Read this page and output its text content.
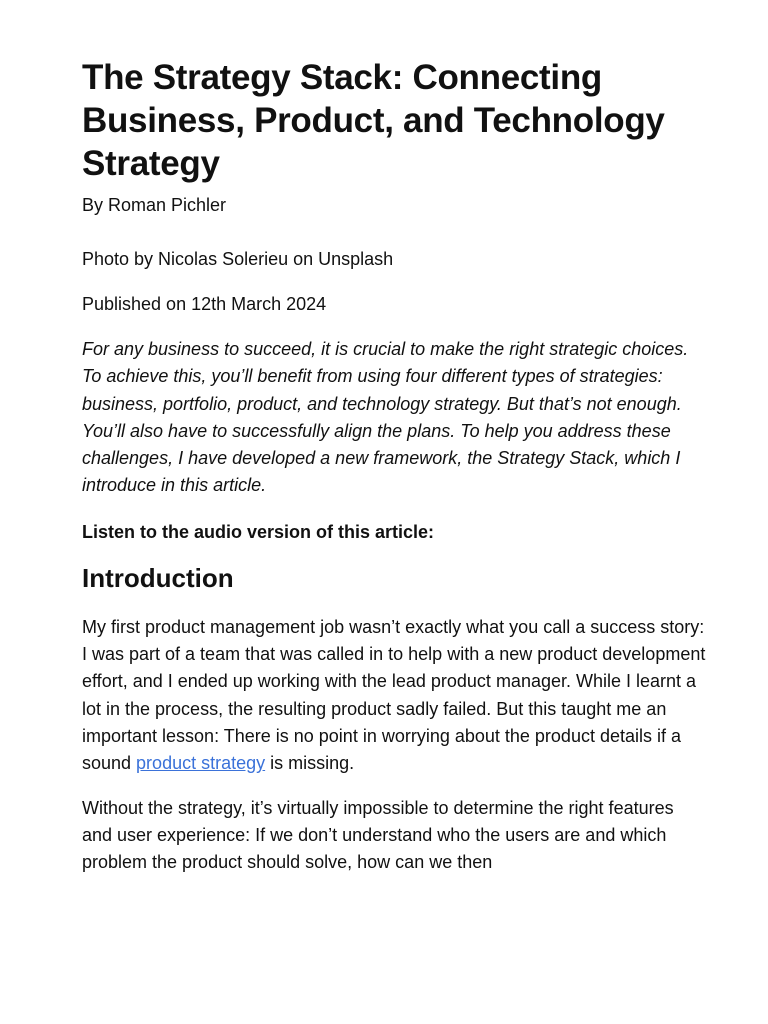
The Strategy Stack: Connecting Business, Product, and Technology Strategy

By Roman Pichler

Photo by Nicolas Solerieu on Unsplash

Published on 12th March 2024

For any business to succeed, it is crucial to make the right strategic choices. To achieve this, you’ll benefit from using four different types of strategies: business, portfolio, product, and technology strategy. But that’s not enough. You’ll also have to successfully align the plans. To help you address these challenges, I have developed a new framework, the Strategy Stack, which I introduce in this article.

Listen to the audio version of this article:

Introduction

My first product management job wasn’t exactly what you call a success story: I was part of a team that was called in to help with a new product development effort, and I ended up working with the lead product manager. While I learnt a lot in the process, the resulting product sadly failed. But this taught me an important lesson: There is no point in worrying about the product details if a sound product strategy is missing.

Without the strategy, it’s virtually impossible to determine the right features and user experience: If we don’t understand who the users are and which problem the product should solve, how can we then
